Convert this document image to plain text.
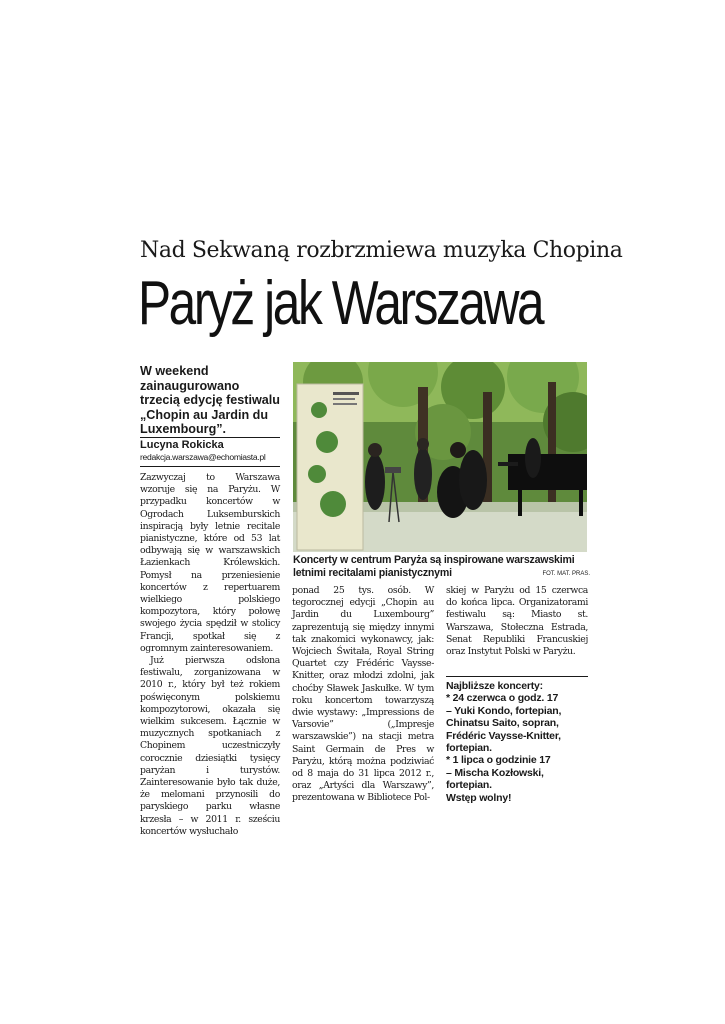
Nad Sekwaną rozbrzmiewa muzyka Chopina
Paryż jak Warszawa
W weekend zainaugurowano trzecią edycję festiwalu „Chopin au Jardin du Luxembourg”.
Lucyna Rokicka
redakcja.warszawa@echomiasta.pl

Zazwyczaj to Warszawa wzoruje się na Paryżu. W przypadku koncertów w Ogrodach Luksemburskich inspiracją były letnie recitale pianistyczne, które od 53 lat odbywają się w warszawskich Łazienkach Królewskich. Pomysł na przeniesienie koncertów z repertuarem wielkiego polskiego kompozytora, który połowę swojego życia spędził w stolicy Francji, spotkał się z ogromnym zainteresowaniem.

Już pierwsza odsłona festiwalu, zorganizowana w 2010 r., który był też rokiem poświęconym polskiemu kompozytorowi, okazała się wielkim sukcesem. Łącznie w muzycznych spotkaniach z Chopinem uczestniczyły corocznie dziesiątki tysięcy paryżan i turystów. Zainteresowanie było tak duże, że melomani przynosili do paryskiego parku własne krzesła – w 2011 r. sześciu koncertów wysłuchało

Koncerty w centrum Paryża są inspirowane warszawskimi letnimi recitalami pianistycznymi	FOT. MAT. PRAS.

ponad 25 tys. osób. W tegorocznej edycji „Chopin au Jardin du Luxembourg” zaprezentują się między innymi tak znakomici wykonawcy, jak: Wojciech Świtała, Royal String Quartet czy Frédéric Vaysse-Knitter, oraz młodzi zdolni, jak choćby Sławek Jaskułke. W tym roku koncertom towarzyszą dwie wystawy: „Impressions de Varsovie” („Impresje warszawskie”) na stacji metra Saint Germain de Pres w Paryżu, którą można podziwiać od 8 maja do 31 lipca 2012 r., oraz „Artyści dla Warszawy”, prezentowana w Bibliotece Pol-

skiej w Paryżu od 15 czerwca do końca lipca. Organizatorami festiwalu są: Miasto st. Warszawa, Stołeczna Estrada, Senat Republiki Francuskiej oraz Instytut Polski w Paryżu.

Najbliższe koncerty:
* 24 czerwca o godz. 17
– Yuki Kondo, fortepian, Chinatsu Saito, sopran, Frédéric Vaysse-Knitter, fortepian.
* 1 lipca o godzinie 17
– Mischa Kozłowski, fortepian.
Wstęp wolny!
